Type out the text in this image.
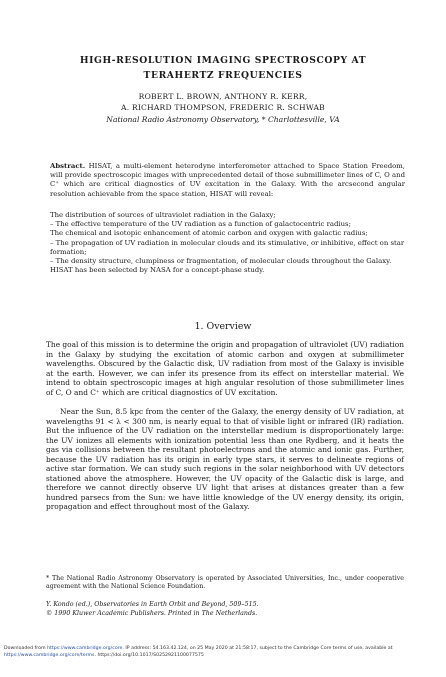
HIGH-RESOLUTION IMAGING SPECTROSCOPY AT
TERAHERTZ FREQUENCIES
ROBERT L. BROWN, ANTHONY R. KERR,
A. RICHARD THOMPSON, FREDERIC R. SCHWAB
National Radio Astronomy Observatory, * Charlottesville, VA
Abstract. HISAT, a multi-element heterodyne interferometer attached to Space Station Freedom, will provide spectroscopic images with unprecedented detail of those submillimeter lines of C, O and C⁺ which are critical diagnostics of UV excitation in the Galaxy. With the arcsecond angular resolution achievable from the space station, HISAT will reveal:
The distribution of sources of ultraviolet radiation in the Galaxy;
– The effective temperature of the UV radiation as a function of galactocentric radius;
The chemical and isotopic enhancement of atomic carbon and oxygen with galactic radius;
– The propagation of UV radiation in molecular clouds and its stimulative, or inhibitive, effect on star formation;
– The density structure, clumpiness or fragmentation, of molecular clouds throughout the Galaxy. HISAT has been selected by NASA for a concept-phase study.
1. Overview
The goal of this mission is to determine the origin and propagation of ultraviolet (UV) radiation in the Galaxy by studying the excitation of atomic carbon and oxygen at submillimeter wavelengths. Obscured by the Galactic disk, UV radiation from most of the Galaxy is invisible at the earth. However, we can infer its presence from its effect on interstellar material. We intend to obtain spectroscopic images at high angular resolution of those submillimeter lines of C, O and C⁺ which are critical diagnostics of UV excitation.
Near the Sun, 8.5 kpc from the center of the Galaxy, the energy density of UV radiation, at wavelengths 91 < λ < 300 nm, is nearly equal to that of visible light or infrared (IR) radiation. But the influence of the UV radiation on the interstellar medium is disproportionately large: the UV ionizes all elements with ionization potential less than one Rydberg, and it heats the gas via collisions between the resultant photoelectrons and the atomic and ionic gas. Further, because the UV radiation has its origin in early type stars, it serves to delineate regions of active star formation. We can study such regions in the solar neighborhood with UV detectors stationed above the atmosphere. However, the UV opacity of the Galactic disk is large, and therefore we cannot directly observe UV light that arises at distances greater than a few hundred parsecs from the Sun: we have little knowledge of the UV energy density, its origin, propagation and effect throughout most of the Galaxy.
* The National Radio Astronomy Observatory is operated by Associated Universities, Inc., under cooperative agreement with the National Science Foundation.
Y. Kondo (ed.), Observatories in Earth Orbit and Beyond, 509–515.
© 1990 Kluwer Academic Publishers. Printed in The Netherlands.
Downloaded from https://www.cambridge.org/core. IP address: 54.163.42.124, on 25 May 2020 at 21:58:17, subject to the Cambridge Core terms of use, available at https://www.cambridge.org/core/terms. https://doi.org/10.1017/S0252921100077575
